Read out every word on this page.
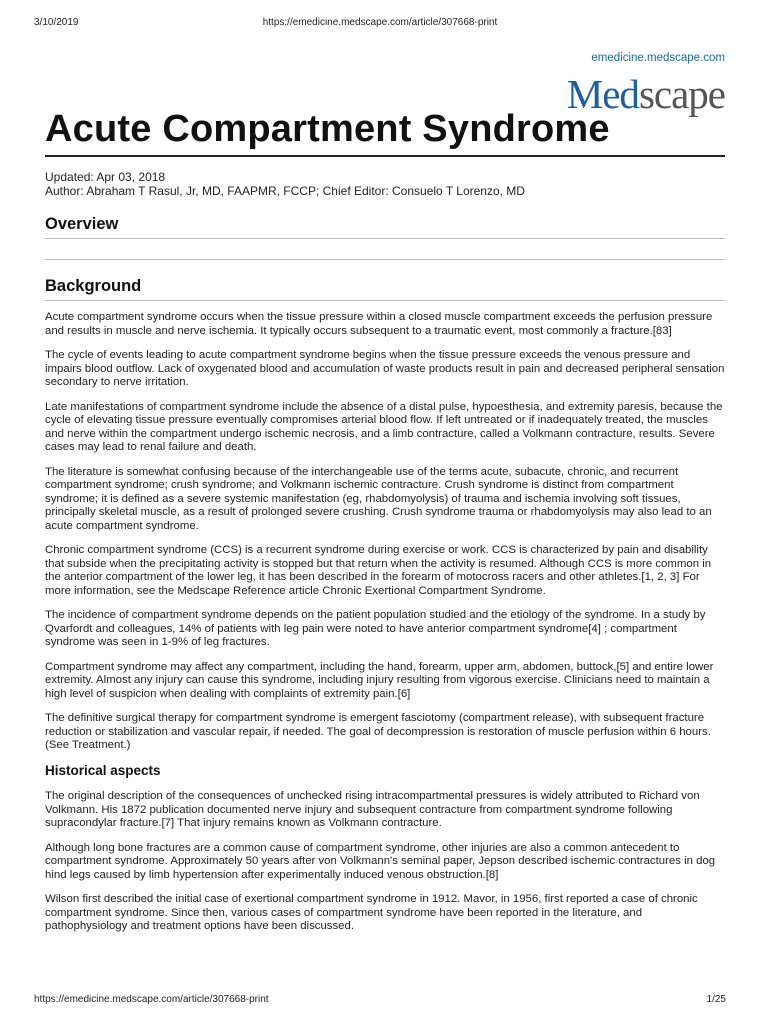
3/10/2019	https://emedicine.medscape.com/article/307668-print
emedicine.medscape.com
Medscape
Acute Compartment Syndrome
Updated: Apr 03, 2018
Author: Abraham T Rasul, Jr, MD, FAAPMR, FCCP; Chief Editor: Consuelo T Lorenzo, MD
Overview
Background

Acute compartment syndrome occurs when the tissue pressure within a closed muscle compartment exceeds the perfusion pressure and results in muscle and nerve ischemia. It typically occurs subsequent to a traumatic event, most commonly a fracture.[83]

The cycle of events leading to acute compartment syndrome begins when the tissue pressure exceeds the venous pressure and impairs blood outflow. Lack of oxygenated blood and accumulation of waste products result in pain and decreased peripheral sensation secondary to nerve irritation.

Late manifestations of compartment syndrome include the absence of a distal pulse, hypoesthesia, and extremity paresis, because the cycle of elevating tissue pressure eventually compromises arterial blood flow. If left untreated or if inadequately treated, the muscles and nerve within the compartment undergo ischemic necrosis, and a limb contracture, called a Volkmann contracture, results. Severe cases may lead to renal failure and death.

The literature is somewhat confusing because of the interchangeable use of the terms acute, subacute, chronic, and recurrent compartment syndrome; crush syndrome; and Volkmann ischemic contracture. Crush syndrome is distinct from compartment syndrome; it is defined as a severe systemic manifestation (eg, rhabdomyolysis) of trauma and ischemia involving soft tissues, principally skeletal muscle, as a result of prolonged severe crushing. Crush syndrome trauma or rhabdomyolysis may also lead to an acute compartment syndrome.

Chronic compartment syndrome (CCS) is a recurrent syndrome during exercise or work. CCS is characterized by pain and disability that subside when the precipitating activity is stopped but that return when the activity is resumed. Although CCS is more common in the anterior compartment of the lower leg, it has been described in the forearm of motocross racers and other athletes.[1, 2, 3] For more information, see the Medscape Reference article Chronic Exertional Compartment Syndrome.

The incidence of compartment syndrome depends on the patient population studied and the etiology of the syndrome. In a study by Qvarfordt and colleagues, 14% of patients with leg pain were noted to have anterior compartment syndrome[4] ; compartment syndrome was seen in 1-9% of leg fractures.

Compartment syndrome may affect any compartment, including the hand, forearm, upper arm, abdomen, buttock,[5] and entire lower extremity. Almost any injury can cause this syndrome, including injury resulting from vigorous exercise. Clinicians need to maintain a high level of suspicion when dealing with complaints of extremity pain.[6]

The definitive surgical therapy for compartment syndrome is emergent fasciotomy (compartment release), with subsequent fracture reduction or stabilization and vascular repair, if needed. The goal of decompression is restoration of muscle perfusion within 6 hours. (See Treatment.)

Historical aspects

The original description of the consequences of unchecked rising intracompartmental pressures is widely attributed to Richard von Volkmann. His 1872 publication documented nerve injury and subsequent contracture from compartment syndrome following supracondylar fracture.[7] That injury remains known as Volkmann contracture.

Although long bone fractures are a common cause of compartment syndrome, other injuries are also a common antecedent to compartment syndrome. Approximately 50 years after von Volkmann's seminal paper, Jepson described ischemic contractures in dog hind legs caused by limb hypertension after experimentally induced venous obstruction.[8]

Wilson first described the initial case of exertional compartment syndrome in 1912. Mavor, in 1956, first reported a case of chronic compartment syndrome. Since then, various cases of compartment syndrome have been reported in the literature, and pathophysiology and treatment options have been discussed.

https://emedicine.medscape.com/article/307668-print	1/25
